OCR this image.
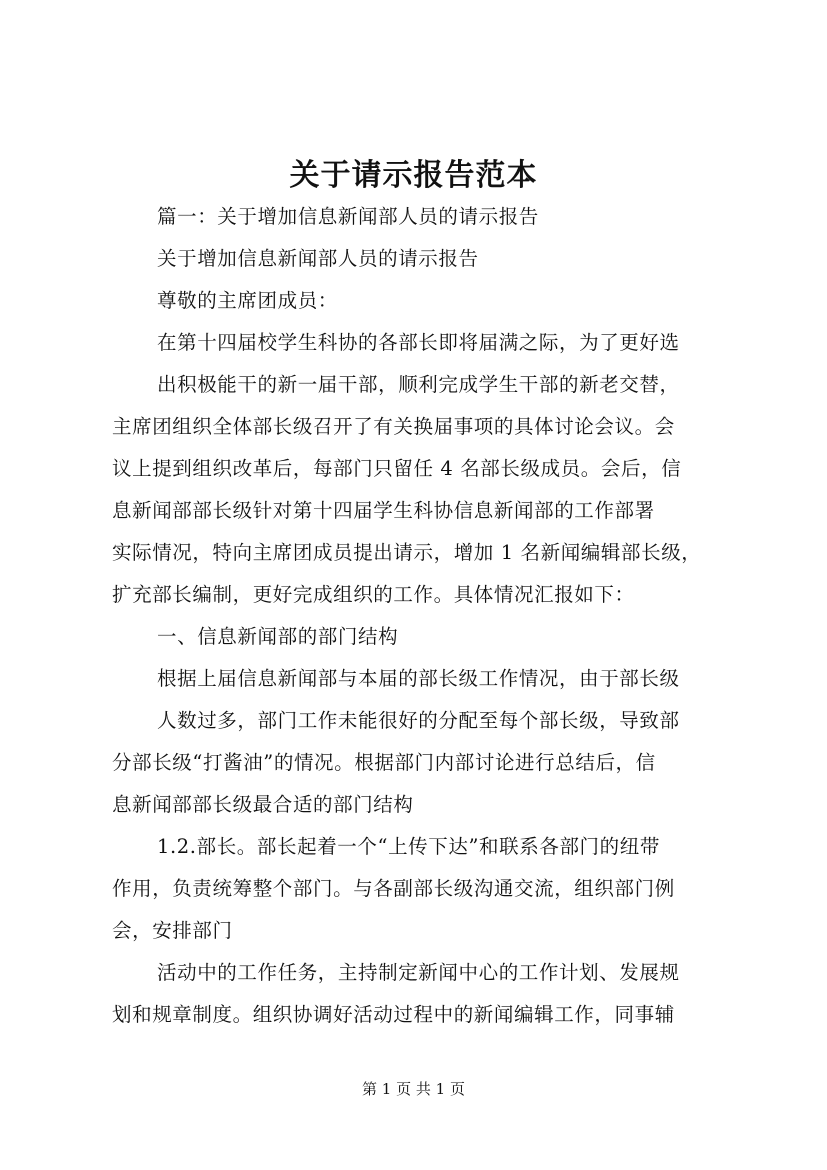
关于请示报告范本
篇一：关于增加信息新闻部人员的请示报告
关于增加信息新闻部人员的请示报告
尊敬的主席团成员：
在第十四届校学生科协的各部长即将届满之际，为了更好选
出积极能干的新一届干部，顺利完成学生干部的新老交替，
主席团组织全体部长级召开了有关换届事项的具体讨论会议。会
议上提到组织改革后，每部门只留任 4 名部长级成员。会后，信
息新闻部部长级针对第十四届学生科协信息新闻部的工作部署
实际情况，特向主席团成员提出请示，增加 1 名新闻编辑部长级，
扩充部长编制，更好完成组织的工作。具体情况汇报如下：
一、信息新闻部的部门结构
根据上届信息新闻部与本届的部长级工作情况，由于部长级
人数过多，部门工作未能很好的分配至每个部长级，导致部
分部长级“打酱油”的情况。根据部门内部讨论进行总结后，信
息新闻部部长级最合适的部门结构
1.2.部长。部长起着一个“上传下达”和联系各部门的纽带
作用，负责统筹整个部门。与各副部长级沟通交流，组织部门例
会，安排部门
活动中的工作任务，主持制定新闻中心的工作计划、发展规
划和规章制度。组织协调好活动过程中的新闻编辑工作，同事辅
第 1 页 共 1 页
